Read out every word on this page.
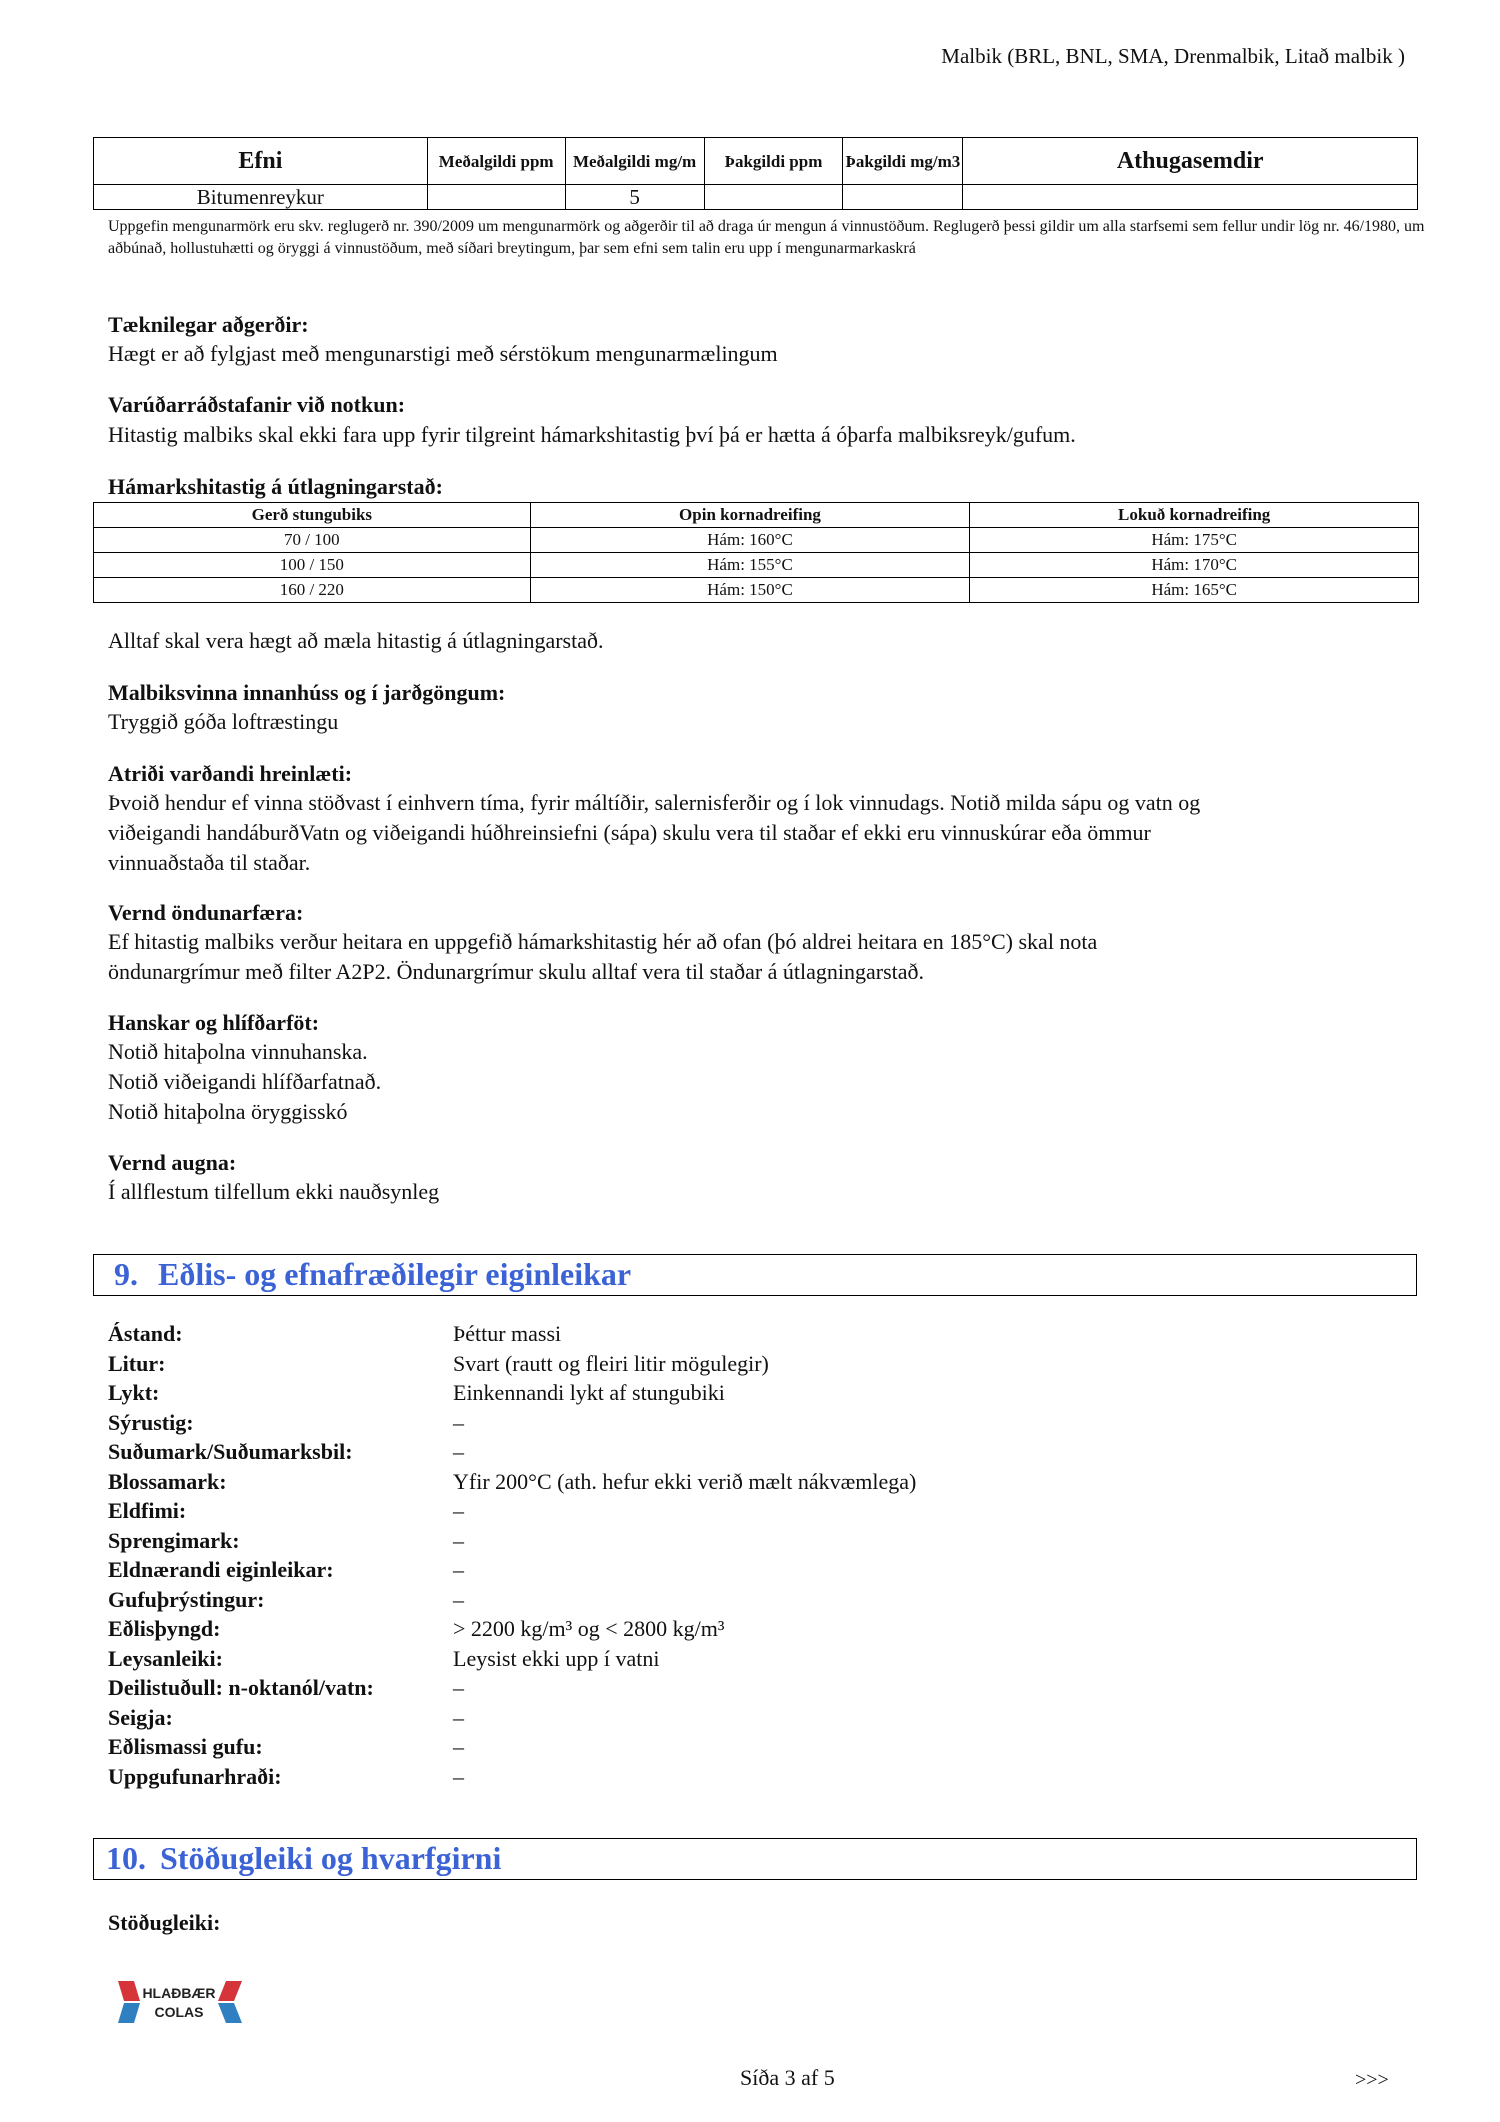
Malbik (BRL, BNL, SMA, Drenmalbik, Litað malbik )
Efni	Meðalgildi ppm	Meðalgildi mg/m	Þakgildi ppm	Þakgildi mg/m3	Athugasemdir
Bitumenreykur		5			
Uppgefin mengunarmörk eru skv. reglugerð nr. 390/2009 um mengunarmörk og aðgerðir til að draga úr mengun á vinnustöðum. Reglugerð þessi gildir um alla starfsemi sem fellur undir lög nr. 46/1980, um aðbúnað, hollustuhætti og öryggi á vinnustöðum, með síðari breytingum, þar sem efni sem talin eru upp í mengunarmarkaskrá
Tæknilegar aðgerðir:
Hægt er að fylgjast með mengunarstigi með sérstökum mengunarmælingum
Varúðarráðstafanir við notkun:
Hitastig malbiks skal ekki fara upp fyrir tilgreint hámarkshitastig því þá er hætta á óþarfa malbiksreyk/gufum.
Hámarkshitastig á útlagningarstað:
Gerð stungubiks	Opin kornadreifing	Lokuð kornadreifing
70 / 100	Hám: 160°C	Hám: 175°C
100 / 150	Hám: 155°C	Hám: 170°C
160 / 220	Hám: 150°C	Hám: 165°C
Alltaf skal vera hægt að mæla hitastig á útlagningarstað.
Malbiksvinna innanhúss og í jarðgöngum:
Tryggið góða loftræstingu
Atriði varðandi hreinlæti:
Þvoið hendur ef vinna stöðvast í einhvern tíma, fyrir máltíðir, salernisferðir og í lok vinnudags. Notið milda sápu og vatn og
viðeigandi handáburðVatn og viðeigandi húðhreinsiefni (sápa) skulu vera til staðar ef ekki eru vinnuskúrar eða ömmur
vinnuaðstaða til staðar.
Vernd öndunarfæra:
Ef hitastig malbiks verður heitara en uppgefið hámarkshitastig hér að ofan (þó aldrei heitara en 185°C) skal nota
öndunargrímur með filter A2P2. Öndunargrímur skulu alltaf vera til staðar á útlagningarstað.
Hanskar og hlífðarföt:
Notið hitaþolna vinnuhanska.
Notið viðeigandi hlífðarfatnað.
Notið hitaþolna öryggisskó
Vernd augna:
Í allflestum tilfellum ekki nauðsynleg
9. Eðlis- og efnafræðilegir eiginleikar
Ástand:	Þéttur massi
Litur:	Svart (rautt og fleiri litir mögulegir)
Lykt:	Einkennandi lykt af stungubiki
Sýrustig:	–
Suðumark/Suðumarksbil:	–
Blossamark:	Yfir 200°C (ath. hefur ekki verið mælt nákvæmlega)
Eldfimi:	–
Sprengimark:	–
Eldnærandi eiginleikar:	–
Gufuþrýstingur:	–
Eðlisþyngd:	> 2200 kg/m³ og < 2800 kg/m³
Leysanleiki:	Leysist ekki upp í vatni
Deilistuðull: n-oktanól/vatn:	–
Seigja:	–
Eðlismassi gufu:	–
Uppgufunarhraði:	–
10. Stöðugleiki og hvarfgirni
Stöðugleiki:
HLAÐBÆR
COLAS
Síða 3 af 5	>>>
